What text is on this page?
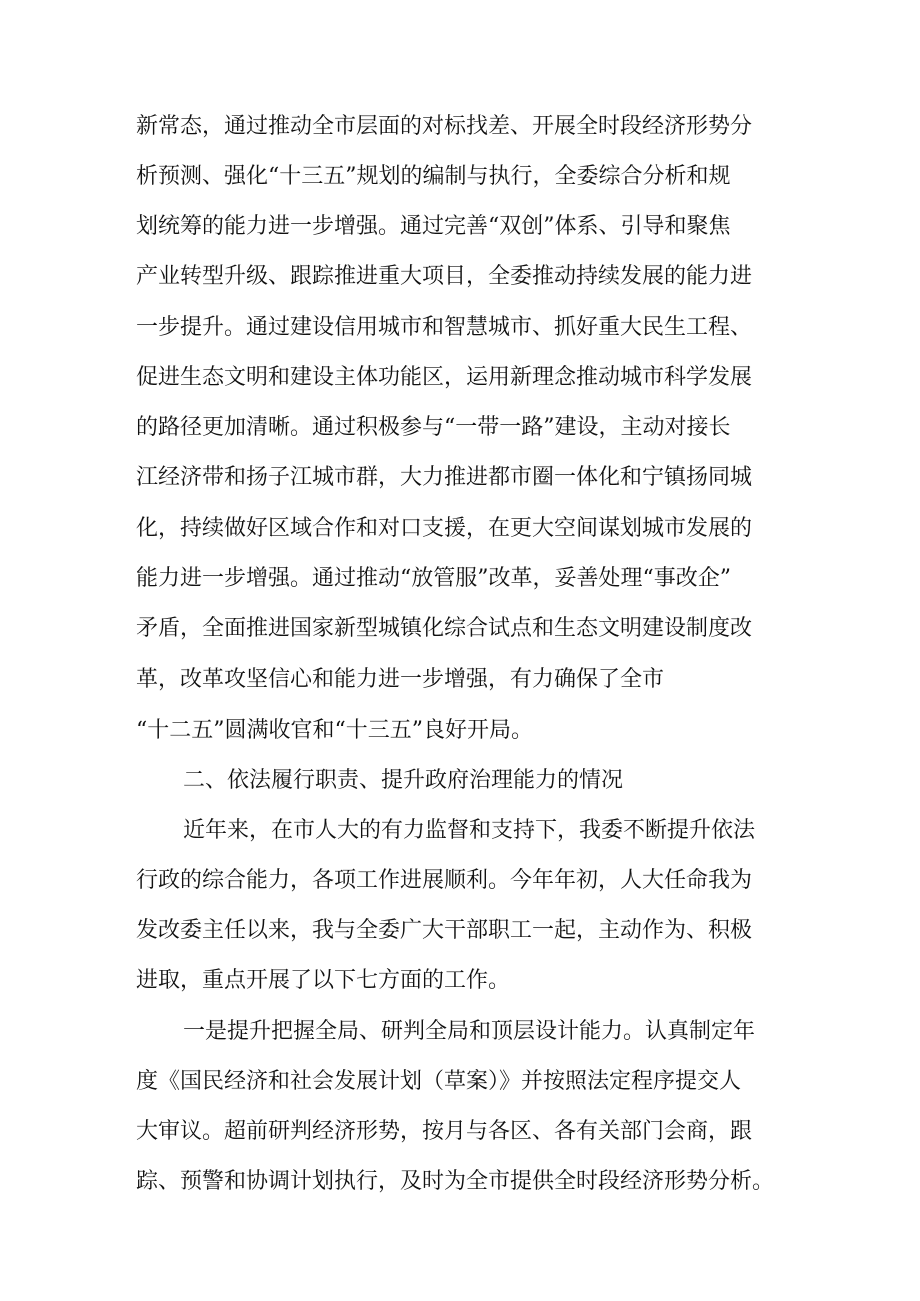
新常态，通过推动全市层面的对标找差、开展全时段经济形势分
析预测、强化“十三五”规划的编制与执行，全委综合分析和规
划统筹的能力进一步增强。通过完善“双创”体系、引导和聚焦
产业转型升级、跟踪推进重大项目，全委推动持续发展的能力进
一步提升。通过建设信用城市和智慧城市、抓好重大民生工程、
促进生态文明和建设主体功能区，运用新理念推动城市科学发展
的路径更加清晰。通过积极参与“一带一路”建设，主动对接长
江经济带和扬子江城市群，大力推进都市圈一体化和宁镇扬同城
化，持续做好区域合作和对口支援，在更大空间谋划城市发展的
能力进一步增强。通过推动“放管服”改革，妥善处理“事改企”
矛盾，全面推进国家新型城镇化综合试点和生态文明建设制度改
革，改革攻坚信心和能力进一步增强，有力确保了全市
“十二五”圆满收官和“十三五”良好开局。
二、依法履行职责、提升政府治理能力的情况
近年来，在市人大的有力监督和支持下，我委不断提升依法
行政的综合能力，各项工作进展顺利。今年年初，人大任命我为
发改委主任以来，我与全委广大干部职工一起，主动作为、积极
进取，重点开展了以下七方面的工作。
一是提升把握全局、研判全局和顶层设计能力。认真制定年
度《国民经济和社会发展计划（草案）》并按照法定程序提交人
大审议。超前研判经济形势，按月与各区、各有关部门会商，跟
踪、预警和协调计划执行，及时为全市提供全时段经济形势分析。
